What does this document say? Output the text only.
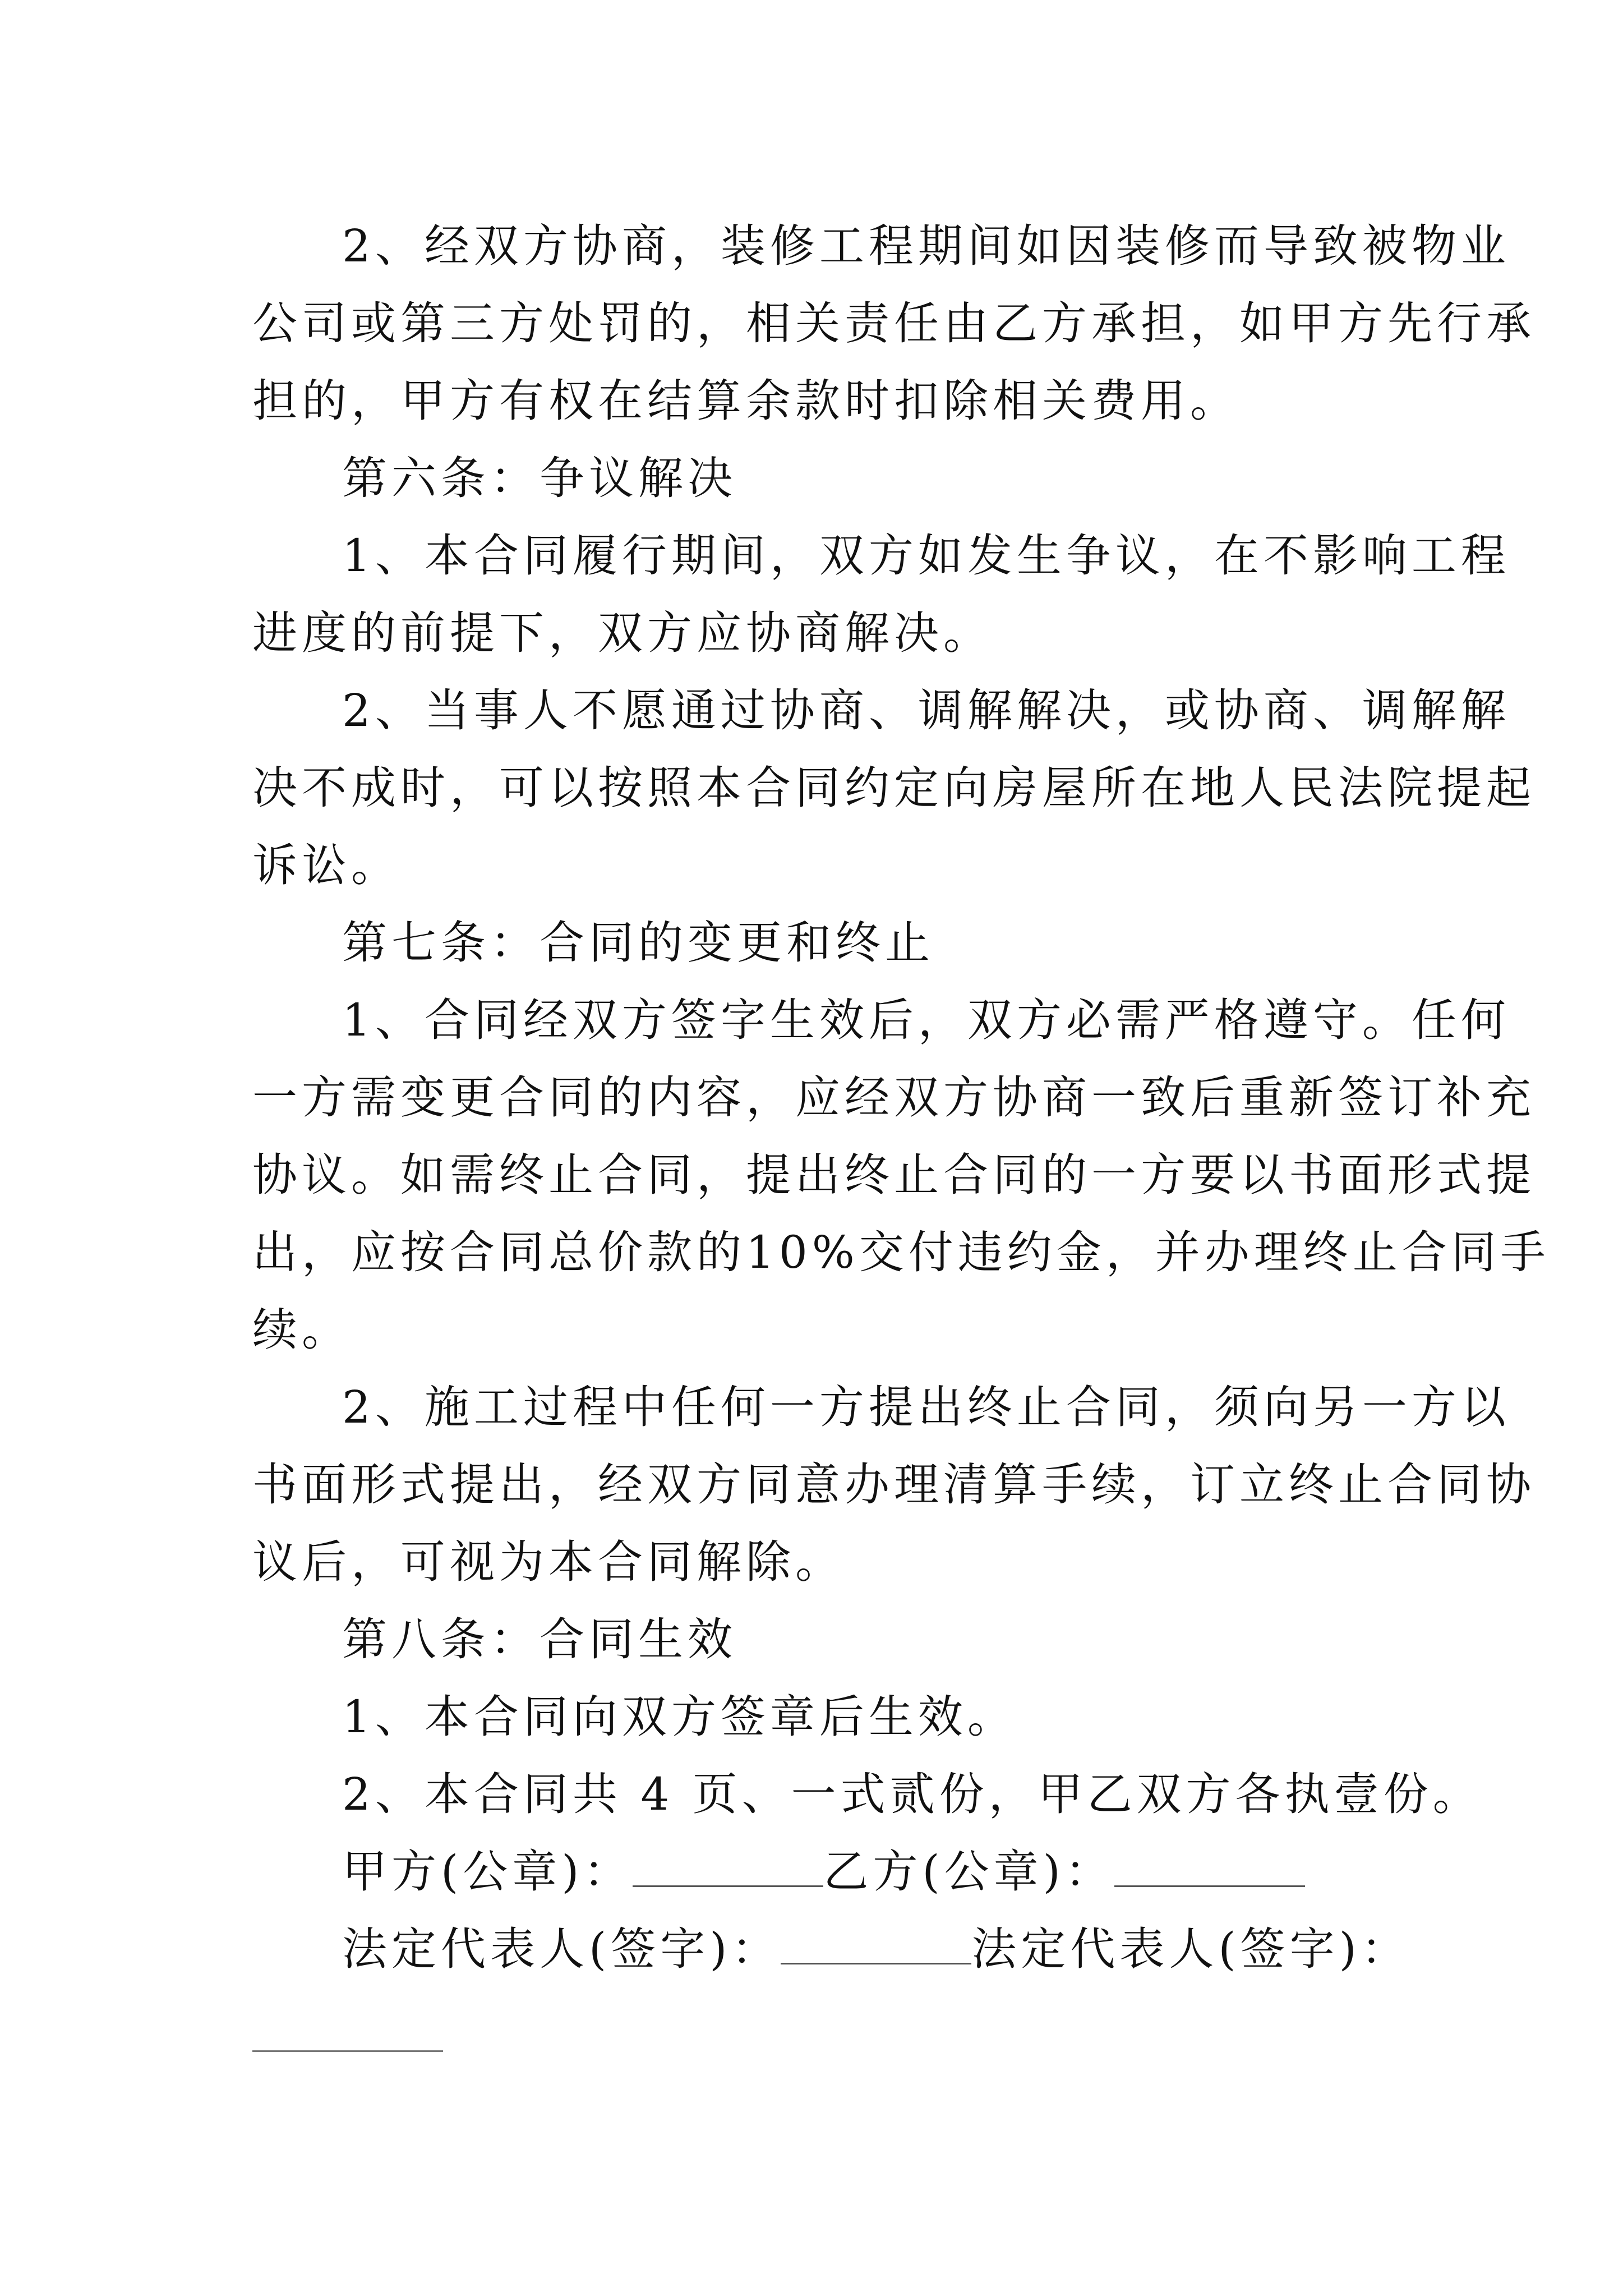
2、经双方协商，装修工程期间如因装修而导致被物业
公司或第三方处罚的，相关责任由乙方承担，如甲方先行承
担的，甲方有权在结算余款时扣除相关费用。

第六条：争议解决

1、本合同履行期间，双方如发生争议，在不影响工程
进度的前提下，双方应协商解决。

2、当事人不愿通过协商、调解解决，或协商、调解解
决不成时，可以按照本合同约定向房屋所在地人民法院提起
诉讼。

第七条：合同的变更和终止

1、合同经双方签字生效后，双方必需严格遵守。任何
一方需变更合同的内容，应经双方协商一致后重新签订补充
协议。如需终止合同，提出终止合同的一方要以书面形式提
出，应按合同总价款的10%交付违约金，并办理终止合同手
续。

2、施工过程中任何一方提出终止合同，须向另一方以
书面形式提出，经双方同意办理清算手续，订立终止合同协
议后，可视为本合同解除。

第八条：合同生效

1、本合同向双方签章后生效。

2、本合同共 4 页、一式贰份，甲乙双方各执壹份。

甲方(公章)：	乙方(公章)：

法定代表人(签字)：	法定代表人(签字)：
